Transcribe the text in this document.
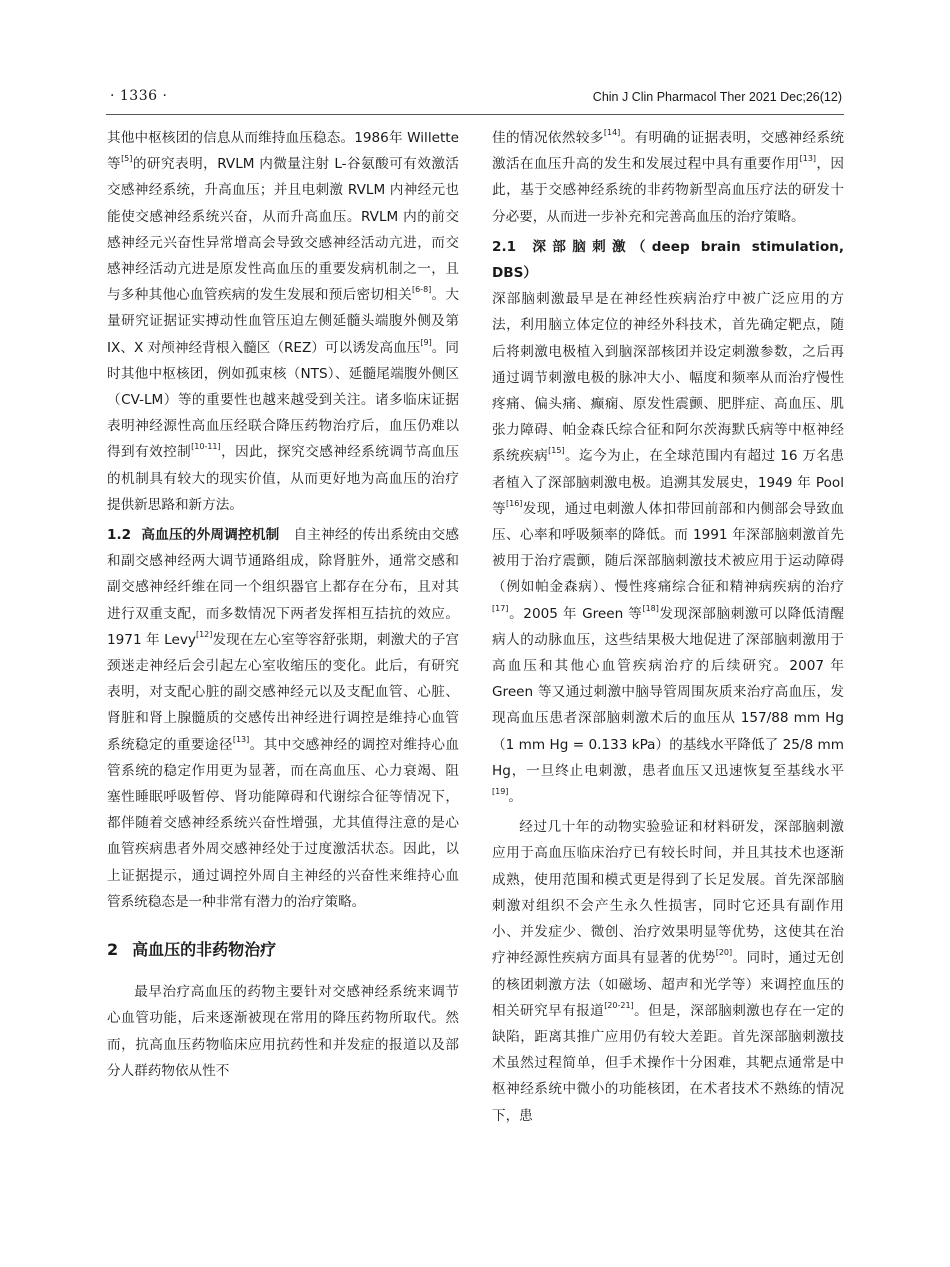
· 1336 ·	Chin J Clin Pharmacol Ther 2021 Dec;26(12)

其他中枢核团的信息从而维持血压稳态。1986年 Willette 等[5]的研究表明，RVLM 内微量注射 L-谷氨酸可有效激活交感神经系统，升高血压；并且电刺激 RVLM 内神经元也能使交感神经系统兴奋，从而升高血压。RVLM 内的前交感神经元兴奋性异常增高会导致交感神经活动亢进，而交感神经活动亢进是原发性高血压的重要发病机制之一，且与多种其他心血管疾病的发生发展和预后密切相关[6-8]。大量研究证据证实搏动性血管压迫左侧延髓头端腹外侧及第 IX、X 对颅神经背根入髓区（REZ）可以诱发高血压[9]。同时其他中枢核团，例如孤束核（NTS）、延髓尾端腹外侧区（CV-LM）等的重要性也越来越受到关注。诸多临床证据表明神经源性高血压经联合降压药物治疗后，血压仍难以得到有效控制[10-11]，因此，探究交感神经系统调节高血压的机制具有较大的现实价值，从而更好地为高血压的治疗提供新思路和新方法。

1.2 高血压的外周调控机制 自主神经的传出系统由交感和副交感神经两大调节通路组成，除肾脏外，通常交感和副交感神经纤维在同一个组织器官上都存在分布，且对其进行双重支配，而多数情况下两者发挥相互拮抗的效应。1971 年 Levy[12]发现在左心室等容舒张期，刺激犬的子宫颈迷走神经后会引起左心室收缩压的变化。此后，有研究表明，对支配心脏的副交感神经元以及支配血管、心脏、肾脏和肾上腺髓质的交感传出神经进行调控是维持心血管系统稳定的重要途径[13]。其中交感神经的调控对维持心血管系统的稳定作用更为显著，而在高血压、心力衰竭、阻塞性睡眠呼吸暂停、肾功能障碍和代谢综合征等情况下，都伴随着交感神经系统兴奋性增强，尤其值得注意的是心血管疾病患者外周交感神经处于过度激活状态。因此，以上证据提示，通过调控外周自主神经的兴奋性来维持心血管系统稳态是一种非常有潜力的治疗策略。

2 高血压的非药物治疗

最早治疗高血压的药物主要针对交感神经系统来调节心血管功能，后来逐渐被现在常用的降压药物所取代。然而，抗高血压药物临床应用抗药性和并发症的报道以及部分人群药物依从性不

佳的情况依然较多[14]。有明确的证据表明，交感神经系统激活在血压升高的发生和发展过程中具有重要作用[13]，因此，基于交感神经系统的非药物新型高血压疗法的研发十分必要，从而进一步补充和完善高血压的治疗策略。

2.1 深部脑刺激（deep brain stimulation, DBS）
深部脑刺激最早是在神经性疾病治疗中被广泛应用的方法，利用脑立体定位的神经外科技术，首先确定靶点，随后将刺激电极植入到脑深部核团并设定刺激参数，之后再通过调节刺激电极的脉冲大小、幅度和频率从而治疗慢性疼痛、偏头痛、癫痫、原发性震颤、肥胖症、高血压、肌张力障碍、帕金森氏综合征和阿尔茨海默氏病等中枢神经系统疾病[15]。迄今为止，在全球范围内有超过 16 万名患者植入了深部脑刺激电极。追溯其发展史，1949 年 Pool 等[16]发现，通过电刺激人体扣带回前部和内侧部会导致血压、心率和呼吸频率的降低。而 1991 年深部脑刺激首先被用于治疗震颤，随后深部脑刺激技术被应用于运动障碍（例如帕金森病）、慢性疼痛综合征和精神病疾病的治疗[17]。2005 年 Green 等[18]发现深部脑刺激可以降低清醒病人的动脉血压，这些结果极大地促进了深部脑刺激用于高血压和其他心血管疾病治疗的后续研究。2007 年 Green 等又通过刺激中脑导管周围灰质来治疗高血压，发现高血压患者深部脑刺激术后的血压从 157/88 mm Hg（1 mm Hg = 0.133 kPa）的基线水平降低了 25/8 mm Hg，一旦终止电刺激，患者血压又迅速恢复至基线水平[19]。

经过几十年的动物实验验证和材料研发，深部脑刺激应用于高血压临床治疗已有较长时间，并且其技术也逐渐成熟，使用范围和模式更是得到了长足发展。首先深部脑刺激对组织不会产生永久性损害，同时它还具有副作用小、并发症少、微创、治疗效果明显等优势，这使其在治疗神经源性疾病方面具有显著的优势[20]。同时，通过无创的核团刺激方法（如磁场、超声和光学等）来调控血压的相关研究早有报道[20-21]。但是，深部脑刺激也存在一定的缺陷，距离其推广应用仍有较大差距。首先深部脑刺激技术虽然过程简单，但手术操作十分困难，其靶点通常是中枢神经系统中微小的功能核团，在术者技术不熟练的情况下，患
